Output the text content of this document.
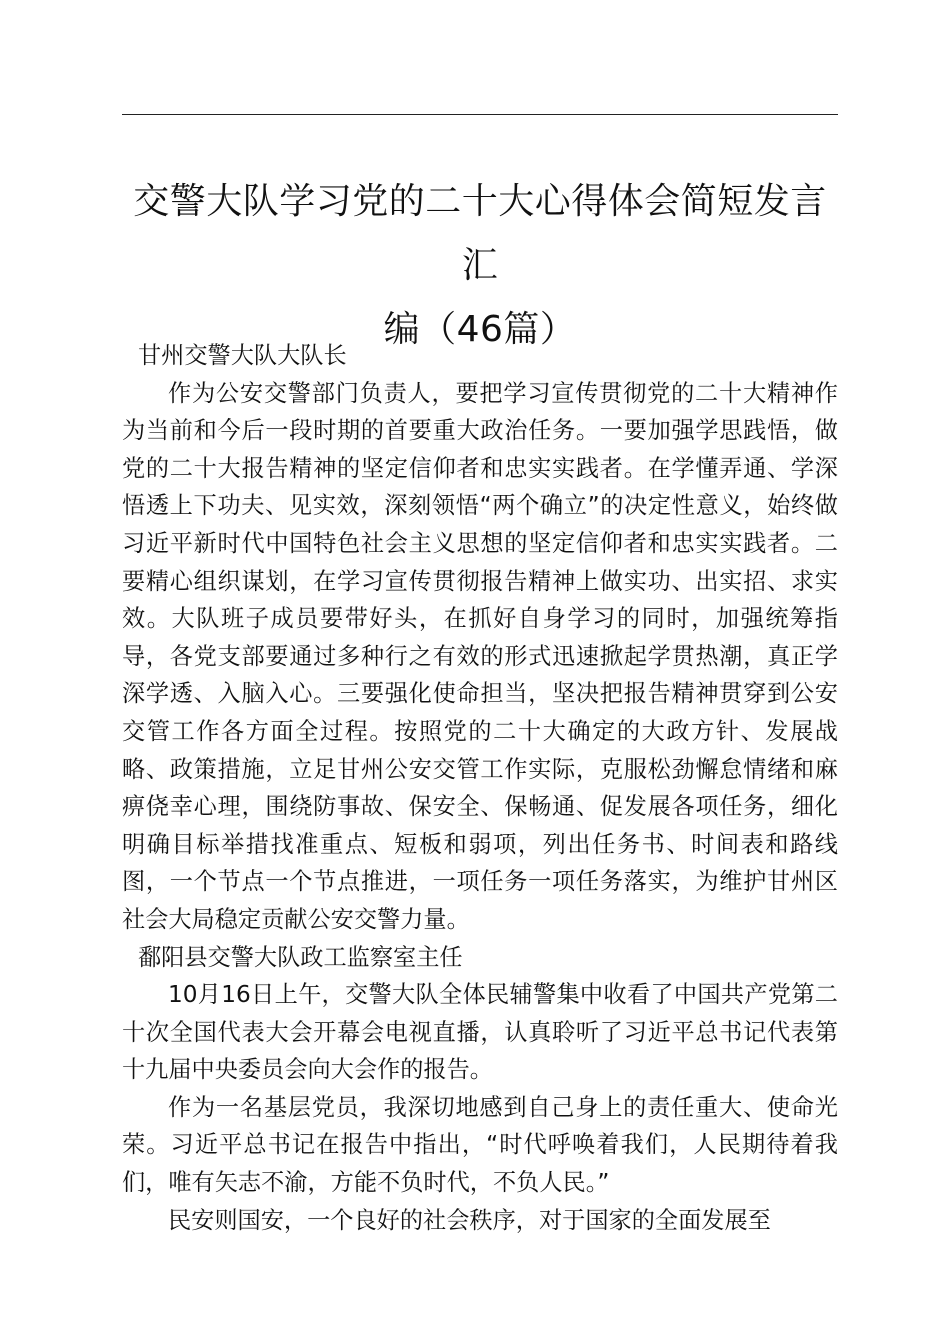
交警大队学习党的二十大心得体会简短发言汇
编（46篇）

甘州交警大队大队长

作为公安交警部门负责人，要把学习宣传贯彻党的二十大精神作为当前和今后一段时期的首要重大政治任务。一要加强学思践悟，做党的二十大报告精神的坚定信仰者和忠实实践者。在学懂弄通、学深悟透上下功夫、见实效，深刻领悟“两个确立”的决定性意义，始终做习近平新时代中国特色社会主义思想的坚定信仰者和忠实实践者。二要精心组织谋划，在学习宣传贯彻报告精神上做实功、出实招、求实效。大队班子成员要带好头，在抓好自身学习的同时，加强统筹指导，各党支部要通过多种行之有效的形式迅速掀起学贯热潮，真正学深学透、入脑入心。三要强化使命担当，坚决把报告精神贯穿到公安交管工作各方面全过程。按照党的二十大确定的大政方针、发展战略、政策措施，立足甘州公安交管工作实际，克服松劲懈怠情绪和麻痹侥幸心理，围绕防事故、保安全、保畅通、促发展各项任务，细化明确目标举措找准重点、短板和弱项，列出任务书、时间表和路线图，一个节点一个节点推进，一项任务一项任务落实，为维护甘州区社会大局稳定贡献公安交警力量。

鄱阳县交警大队政工监察室主任

10月16日上午，交警大队全体民辅警集中收看了中国共产党第二十次全国代表大会开幕会电视直播，认真聆听了习近平总书记代表第十九届中央委员会向大会作的报告。

作为一名基层党员，我深切地感到自己身上的责任重大、使命光荣。习近平总书记在报告中指出，“时代呼唤着我们，人民期待着我们，唯有矢志不渝，方能不负时代，不负人民。”

民安则国安，一个良好的社会秩序，对于国家的全面发展至
